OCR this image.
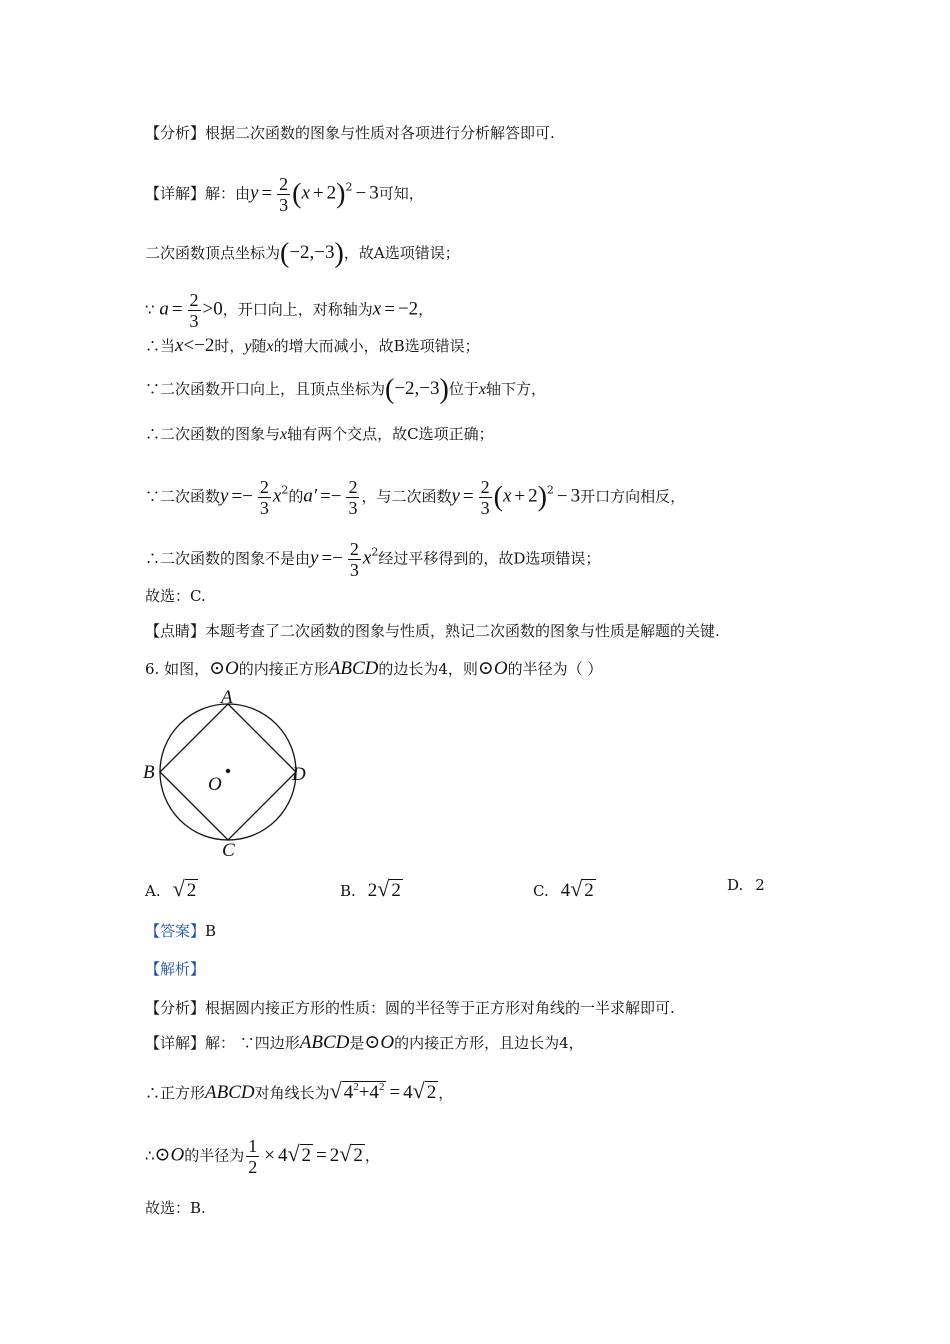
【分析】根据二次函数的图象与性质对各项进行分析解答即可.
【详解】解：由$y = \frac{2}{3} (x + 2)^2 - 3$可知，
二次函数顶点坐标为(−2,−3)，故A选项错误；
∵ $a = \frac{2}{3} >0$，开口向上，对称轴为x = −2，
∴当x<−2时，y随x的增大而减小，故B选项错误；
∵二次函数开口向上，且顶点坐标为(−2,−3)位于x轴下方，
∴二次函数的图象与x轴有两个交点，故C选项正确；
∵二次函数$y =- \frac{2}{3} x^2$的$a' =- \frac{2}{3}$ ，与二次函数$y = \frac{2}{3} (x + 2)^2 - 3$开口方向相反，
∴二次函数的图象不是由$y =- \frac{2}{3} x^2$经过平移得到的，故D选项错误；
故选：C.
【点睛】本题考查了二次函数的图象与性质，熟记二次函数的图象与性质是解题的关键.
6. 如图，⊙O的内接正方形ABCD的边长为4，则⊙O的半径为（ ）
A
B
C
D
O
A. √ 2	B. 2√ 2	C. 4√ 2	D. 2
【答案】B
【解析】
【分析】根据圆内接正方形的性质：圆的半径等于正方形对角线的一半求解即可.
【详解】解： ∵四边形ABCD是⊙O的内接正方形，且边长为4，
∴正方形ABCD对角线长为√ $4^2+4^2 = 4√$ 2 ，
∴⊙O的半径为 $\frac{1}{2} \times 4√$ 2 = 2√ 2 ，
故选：B.
